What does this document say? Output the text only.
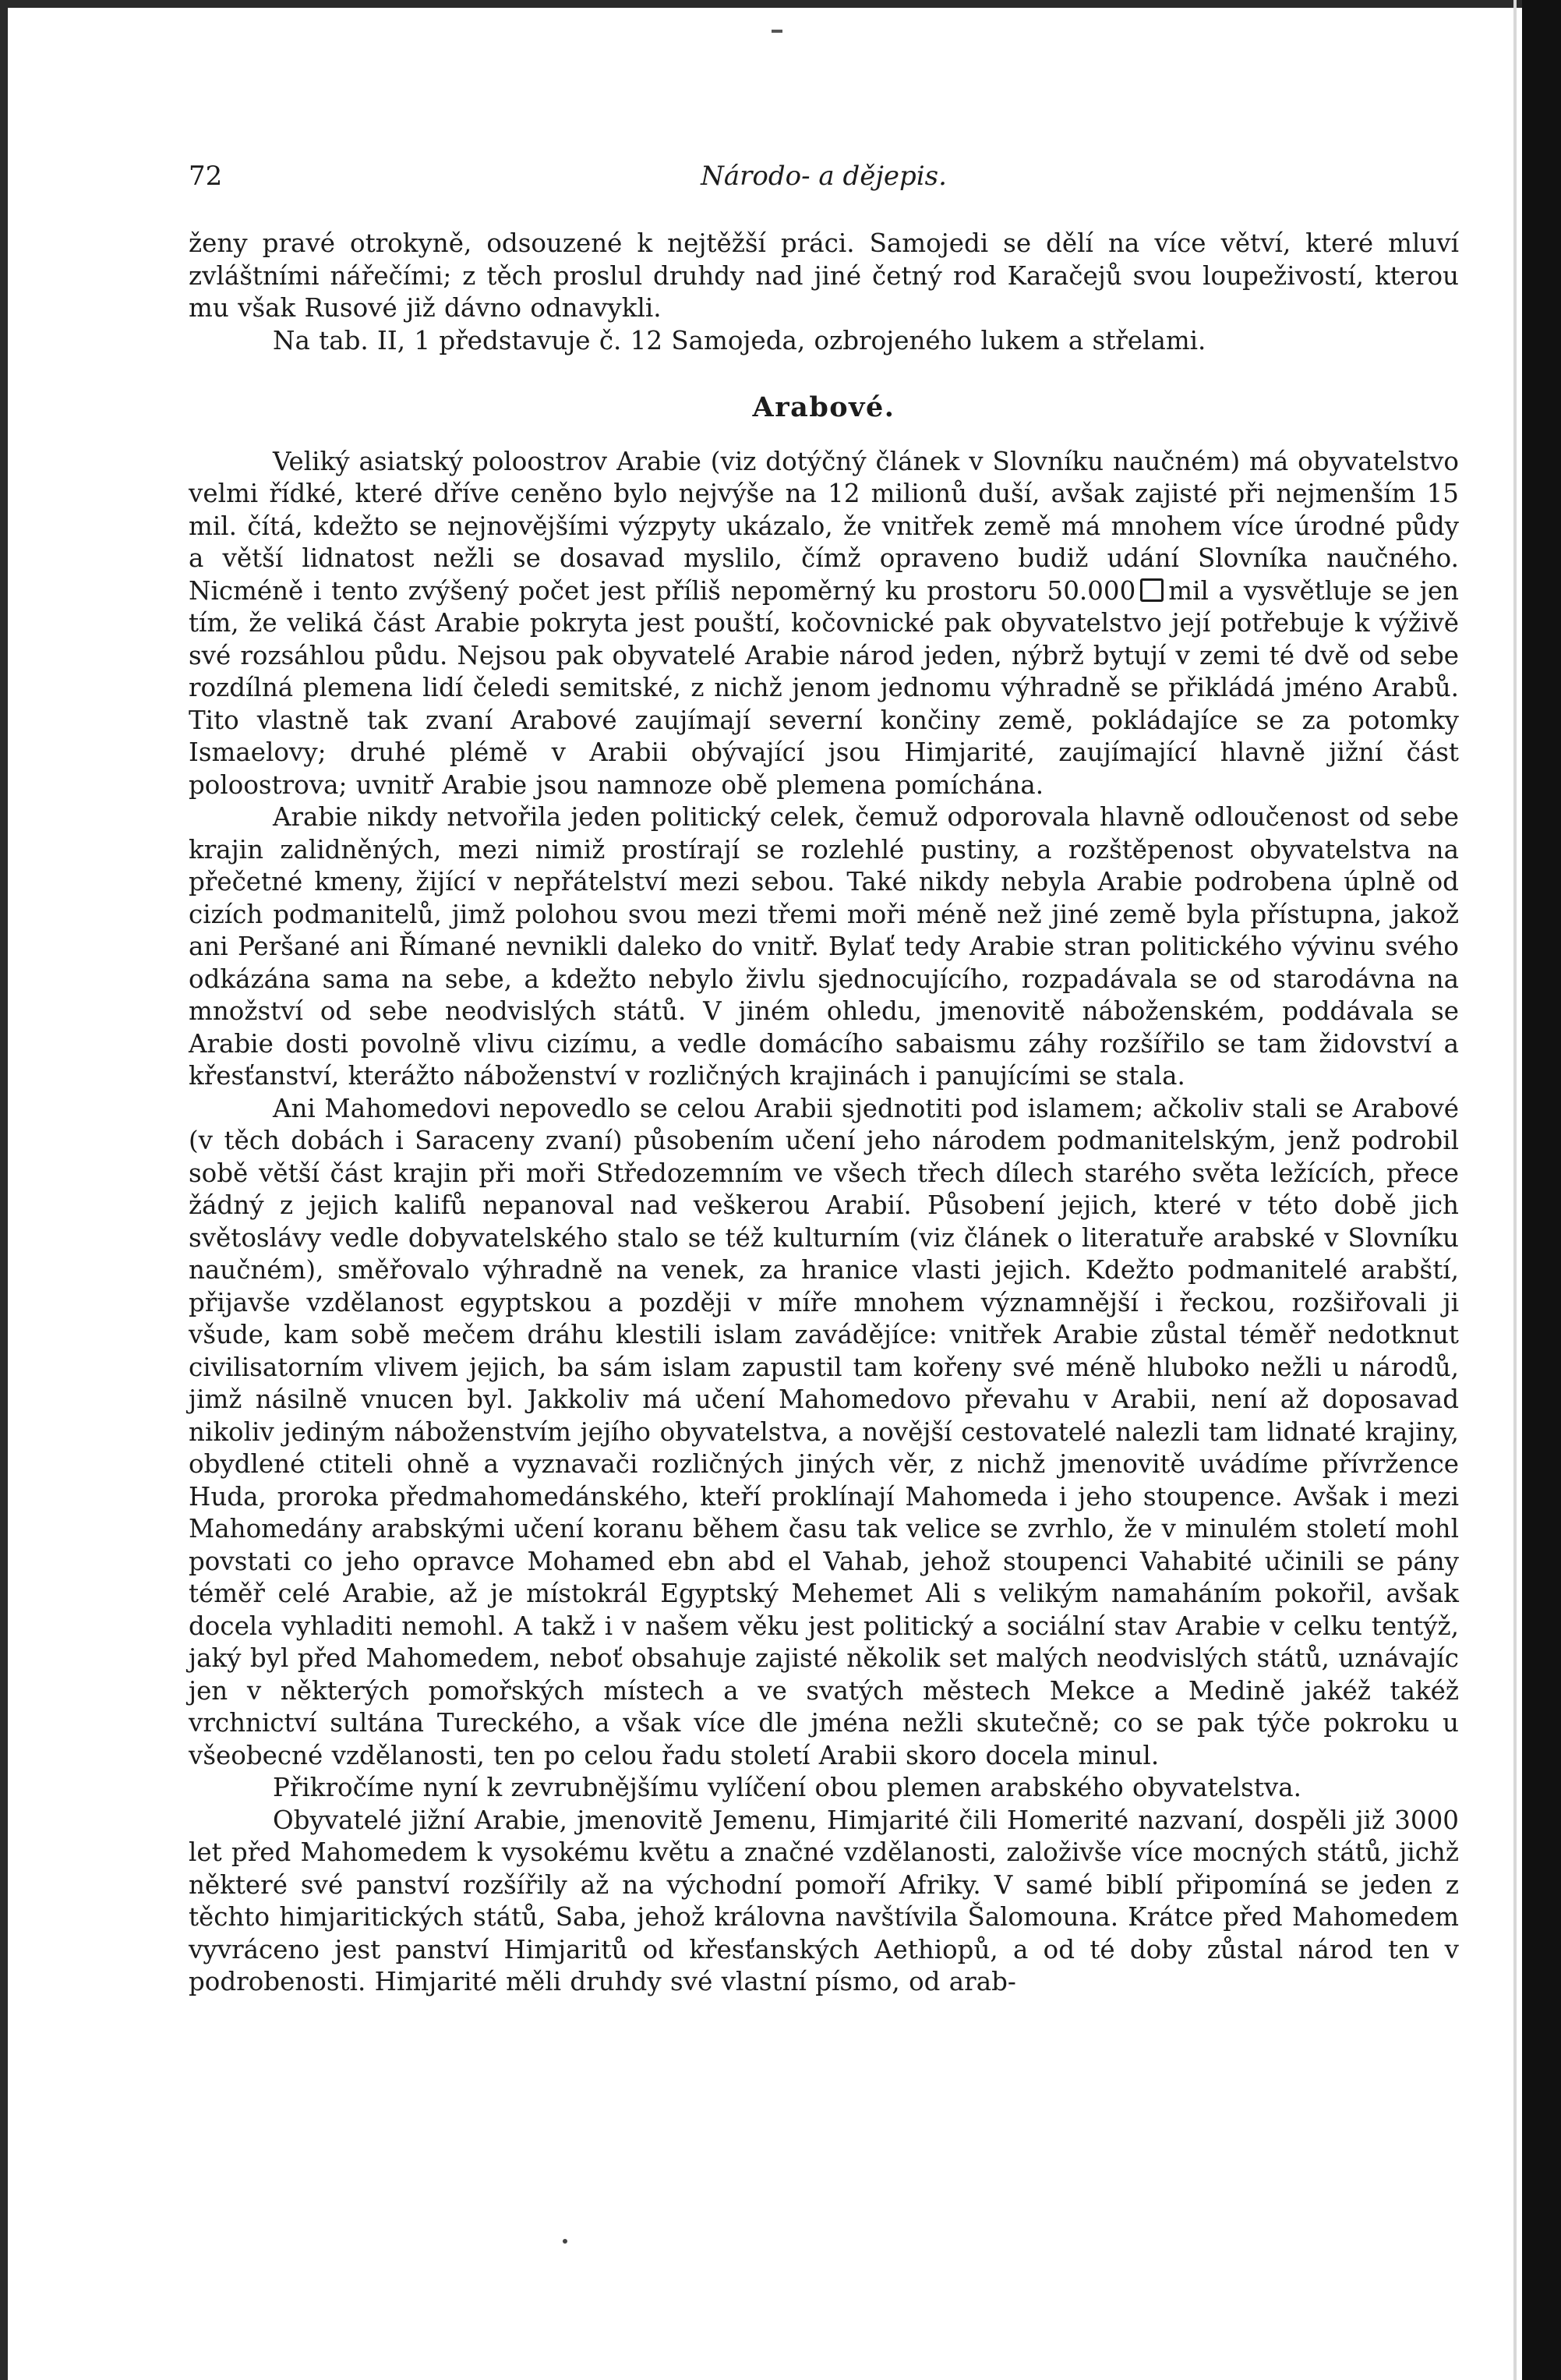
72	Národo- a dějepis.

ženy pravé otrokyně, odsouzené k nejtěžší práci. Samojedi se dělí na více větví, které mluví zvláštními nářečími; z těch proslul druhdy nad jiné četný rod Karačejů svou loupeživostí, kterou mu však Rusové již dávno odnavykli.

Na tab. II, 1 představuje č. 12 Samojeda, ozbrojeného lukem a střelami.

Arabové.

Veliký asiatský poloostrov Arabie (viz dotýčný článek v Slovníku naučném) má obyvatelstvo velmi řídké, které dříve ceněno bylo nejvýše na 12 milionů duší, avšak zajisté při nejmenším 15 mil. čítá, kdežto se nejnovějšími výzpyty ukázalo, že vnitřek země má mnohem více úrodné půdy a větší lidnatost nežli se dosavad myslilo, čímž opraveno budiž udání Slovníka naučného. Nicméně i tento zvýšený počet jest příliš nepoměrný ku prostoru 50.000 mil a vysvětluje se jen tím, že veliká část Arabie pokryta jest pouští, kočovnické pak obyvatelstvo její potřebuje k výživě své rozsáhlou půdu. Nejsou pak obyvatelé Arabie národ jeden, nýbrž bytují v zemi té dvě od sebe rozdílná plemena lidí čeledi semitské, z nichž jenom jednomu výhradně se přikládá jméno Arabů. Tito vlastně tak zvaní Arabové zaujímají severní končiny země, pokládajíce se za potomky Ismaelovy; druhé plémě v Arabii obývající jsou Himjarité, zaujímající hlavně jižní část poloostrova; uvnitř Arabie jsou namnoze obě plemena pomíchána.

Arabie nikdy netvořila jeden politický celek, čemuž odporovala hlavně odloučenost od sebe krajin zalidněných, mezi nimiž prostírají se rozlehlé pustiny, a rozštěpenost obyvatelstva na přečetné kmeny, žijící v nepřátelství mezi sebou. Také nikdy nebyla Arabie podrobena úplně od cizích podmanitelů, jimž polohou svou mezi třemi moři méně než jiné země byla přístupna, jakož ani Peršané ani Římané nevnikli daleko do vnitř. Bylať tedy Arabie stran politického vývinu svého odkázána sama na sebe, a kdežto nebylo živlu sjednocujícího, rozpadávala se od starodávna na množství od sebe neodvislých států. V jiném ohledu, jmenovitě náboženském, poddávala se Arabie dosti povolně vlivu cizímu, a vedle domácího sabaismu záhy rozšířilo se tam židovství a křesťanství, kterážto náboženství v rozličných krajinách i panujícími se stala.

Ani Mahomedovi nepovedlo se celou Arabii sjednotiti pod islamem; ačkoliv stali se Arabové (v těch dobách i Saraceny zvaní) působením učení jeho národem podmanitelským, jenž podrobil sobě větší část krajin při moři Středozemním ve všech třech dílech starého světa ležících, přece žádný z jejich kalifů nepanoval nad veškerou Arabií. Působení jejich, které v této době jich světoslávy vedle dobyvatelského stalo se též kulturním (viz článek o literatuře arabské v Slovníku naučném), směřovalo výhradně na venek, za hranice vlasti jejich. Kdežto podmanitelé arabští, přijavše vzdělanost egyptskou a později v míře mnohem významnější i řeckou, rozšiřovali ji všude, kam sobě mečem dráhu klestili islam zavádějíce: vnitřek Arabie zůstal téměř nedotknut civilisatorním vlivem jejich, ba sám islam zapustil tam kořeny své méně hluboko nežli u národů, jimž násilně vnucen byl. Jakkoliv má učení Mahomedovo převahu v Arabii, není až doposavad nikoliv jediným náboženstvím jejího obyvatelstva, a novější cestovatelé nalezli tam lidnaté krajiny, obydlené ctiteli ohně a vyznavači rozličných jiných věr, z nichž jmenovitě uvádíme přívržence Huda, proroka předmahomedánského, kteří proklínají Mahomeda i jeho stoupence. Avšak i mezi Mahomedány arabskými učení koranu během času tak velice se zvrhlo, že v minulém století mohl povstati co jeho opravce Mohamed ebn abd el Vahab, jehož stoupenci Vahabité učinili se pány téměř celé Arabie, až je místokrál Egyptský Mehemet Ali s velikým namaháním pokořil, avšak docela vyhladiti nemohl. A takž i v našem věku jest politický a sociální stav Arabie v celku tentýž, jaký byl před Mahomedem, neboť obsahuje zajisté několik set malých neodvislých států, uznávajíc jen v některých pomořských místech a ve svatých městech Mekce a Medině jakéž takéž vrchnictví sultána Tureckého, a však více dle jména nežli skutečně; co se pak týče pokroku u všeobecné vzdělanosti, ten po celou řadu století Arabii skoro docela minul.

Přikročíme nyní k zevrubnějšímu vylíčení obou plemen arabského obyvatelstva.

Obyvatelé jižní Arabie, jmenovitě Jemenu, Himjarité čili Homerité nazvaní, dospěli již 3000 let před Mahomedem k vysokému květu a značné vzdělanosti, založivše více mocných států, jichž některé své panství rozšířily až na východní pomoří Afriky. V samé biblí připomíná se jeden z těchto himjaritických států, Saba, jehož královna navštívila Šalomouna. Krátce před Mahomedem vyvráceno jest panství Himjaritů od křesťanských Aethiopů, a od té doby zůstal národ ten v podrobenosti. Himjarité měli druhdy své vlastní písmo, od arab-
